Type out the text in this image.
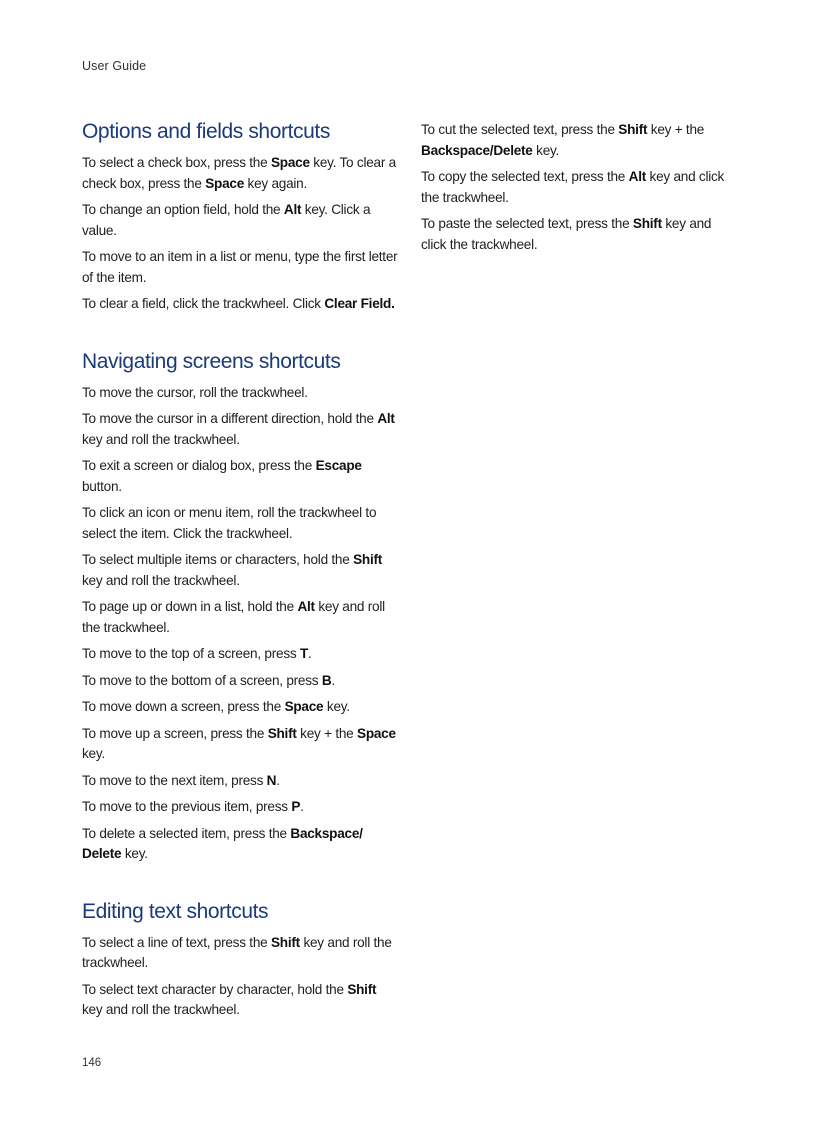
User Guide
Options and fields shortcuts

To select a check box, press the Space key. To clear a check box, press the Space key again.

To change an option field, hold the Alt key. Click a value.

To move to an item in a list or menu, type the first letter of the item.

To clear a field, click the trackwheel. Click Clear Field.

Navigating screens shortcuts

To move the cursor, roll the trackwheel.

To move the cursor in a different direction, hold the Alt key and roll the trackwheel.

To exit a screen or dialog box, press the Escape button.

To click an icon or menu item, roll the trackwheel to select the item. Click the trackwheel.

To select multiple items or characters, hold the Shift key and roll the trackwheel.

To page up or down in a list, hold the Alt key and roll the trackwheel.

To move to the top of a screen, press T.

To move to the bottom of a screen, press B.

To move down a screen, press the Space key.

To move up a screen, press the Shift key + the Space key.

To move to the next item, press N.

To move to the previous item, press P.

To delete a selected item, press the Backspace/ Delete key.

Editing text shortcuts

To select a line of text, press the Shift key and roll the trackwheel.

To select text character by character, hold the Shift key and roll the trackwheel.

To cut the selected text, press the Shift key + the Backspace/Delete key.

To copy the selected text, press the Alt key and click the trackwheel.

To paste the selected text, press the Shift key and click the trackwheel.

146
